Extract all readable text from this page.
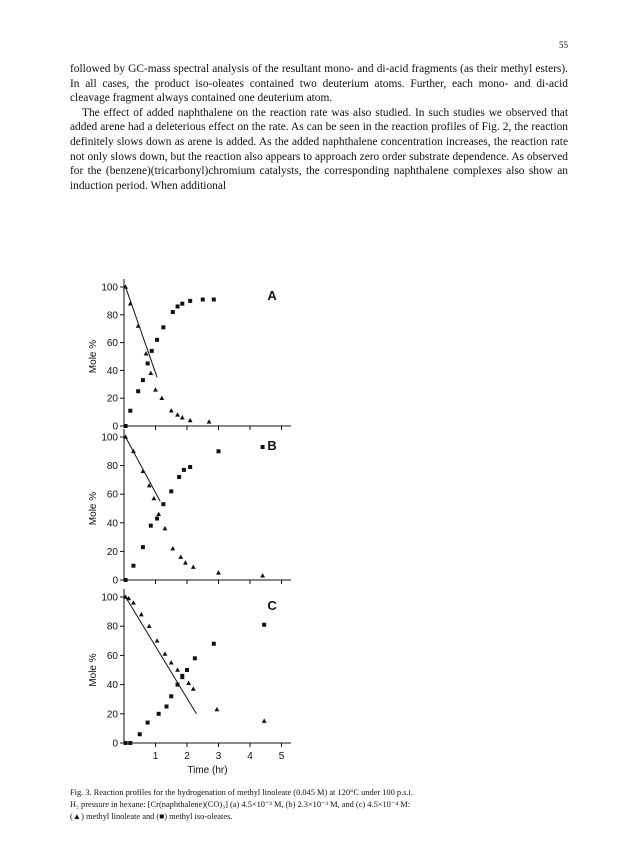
55

followed by GC-mass spectral analysis of the resultant mono- and di-acid fragments (as their methyl esters). In all cases, the product iso-oleates contained two deuterium atoms. Further, each mono- and di-acid cleavage fragment always contained one deuterium atom.

The effect of added naphthalene on the reaction rate was also studied. In such studies we observed that added arene had a deleterious effect on the rate. As can be seen in the reaction profiles of Fig. 2, the reaction definitely slows down as arene is added. As the added naphthalene concentration increases, the reaction rate not only slows down, but the reaction also appears to approach zero order substrate dependence. As observed for the (benzene)(tricarbonyl)chromium catalysts, the corresponding naphthalene complexes also show an induction period. When additional

0
20
40
60
80
100
Mole %
A
0
20
40
60
80
100
Mole %
B
0
20
40
60
80
100
1	2	3	4	5
Mole %
Time (hr)
C
Fig. 3. Reaction profiles for the hydrogenation of methyl linoleate (0.045 M) at 120°C under 100 p.s.i.
H₂ pressure in hexane: [Cr(naphthalene)(CO)₃] (a) 4.5×10⁻³ M, (b) 2.3×10⁻³ M, and (c) 4.5×10⁻⁴ M:
(▲) methyl linoleate and (■) methyl iso-oleates.
